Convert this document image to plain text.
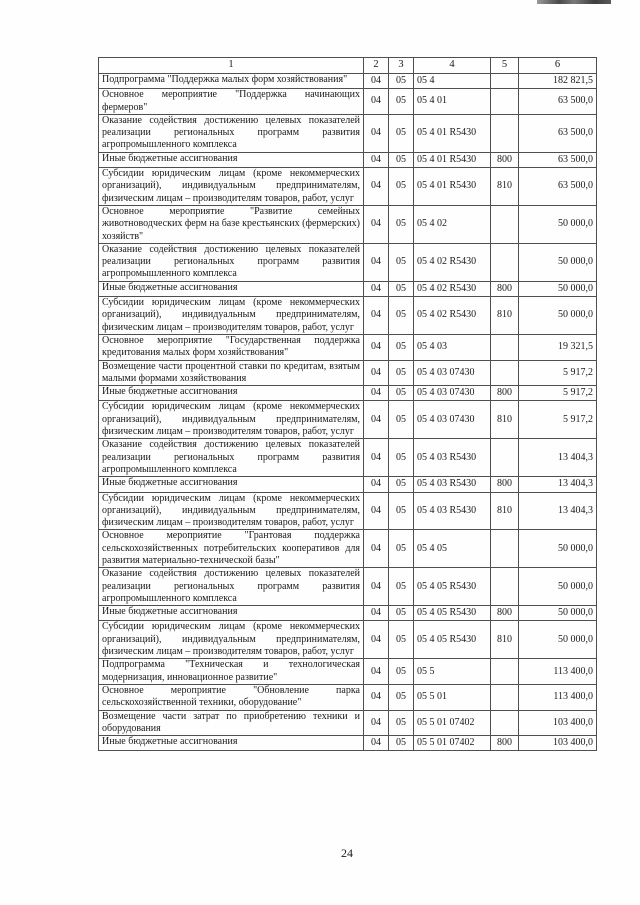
1	2	3	4	5	6
Подпрограмма "Поддержка малых форм хозяйствования"	04	05	05 4		182 821,5
Основное мероприятие "Поддержка начинающих фермеров"	04	05	05 4 01		63 500,0
Оказание содействия достижению целевых показателей реализации региональных программ развития агропромышленного комплекса	04	05	05 4 01 R5430		63 500,0
Иные бюджетные ассигнования	04	05	05 4 01 R5430	800	63 500,0
Субсидии юридическим лицам (кроме некоммерческих организаций), индивидуальным предпринимателям, физическим лицам – производителям товаров, работ, услуг	04	05	05 4 01 R5430	810	63 500,0
Основное мероприятие "Развитие семейных животноводческих ферм на базе крестьянских (фермерских) хозяйств"	04	05	05 4 02		50 000,0
Оказание содействия достижению целевых показателей реализации региональных программ развития агропромышленного комплекса	04	05	05 4 02 R5430		50 000,0
Иные бюджетные ассигнования	04	05	05 4 02 R5430	800	50 000,0
Субсидии юридическим лицам (кроме некоммерческих организаций), индивидуальным предпринимателям, физическим лицам – производителям товаров, работ, услуг	04	05	05 4 02 R5430	810	50 000,0
Основное мероприятие "Государственная поддержка кредитования малых форм хозяйствования"	04	05	05 4 03		19 321,5
Возмещение части процентной ставки по кредитам, взятым малыми формами хозяйствования	04	05	05 4 03 07430		5 917,2
Иные бюджетные ассигнования	04	05	05 4 03 07430	800	5 917,2
Субсидии юридическим лицам (кроме некоммерческих организаций), индивидуальным предпринимателям, физическим лицам – производителям товаров, работ, услуг	04	05	05 4 03 07430	810	5 917,2
Оказание содействия достижению целевых показателей реализации региональных программ развития агропромышленного комплекса	04	05	05 4 03 R5430		13 404,3
Иные бюджетные ассигнования	04	05	05 4 03 R5430	800	13 404,3
Субсидии юридическим лицам (кроме некоммерческих организаций), индивидуальным предпринимателям, физическим лицам – производителям товаров, работ, услуг	04	05	05 4 03 R5430	810	13 404,3
Основное мероприятие "Грантовая поддержка сельскохозяйственных потребительских кооперативов для развития материально-технической базы"	04	05	05 4 05		50 000,0
Оказание содействия достижению целевых показателей реализации региональных программ развития агропромышленного комплекса	04	05	05 4 05 R5430		50 000,0
Иные бюджетные ассигнования	04	05	05 4 05 R5430	800	50 000,0
Субсидии юридическим лицам (кроме некоммерческих организаций), индивидуальным предпринимателям, физическим лицам – производителям товаров, работ, услуг	04	05	05 4 05 R5430	810	50 000,0
Подпрограмма "Техническая и технологическая модернизация, инновационное развитие"	04	05	05 5		113 400,0
Основное мероприятие "Обновление парка сельскохозяйственной техники, оборудование"	04	05	05 5 01		113 400,0
Возмещение части затрат по приобретению техники и оборудования	04	05	05 5 01 07402		103 400,0
Иные бюджетные ассигнования	04	05	05 5 01 07402	800	103 400,0
24
